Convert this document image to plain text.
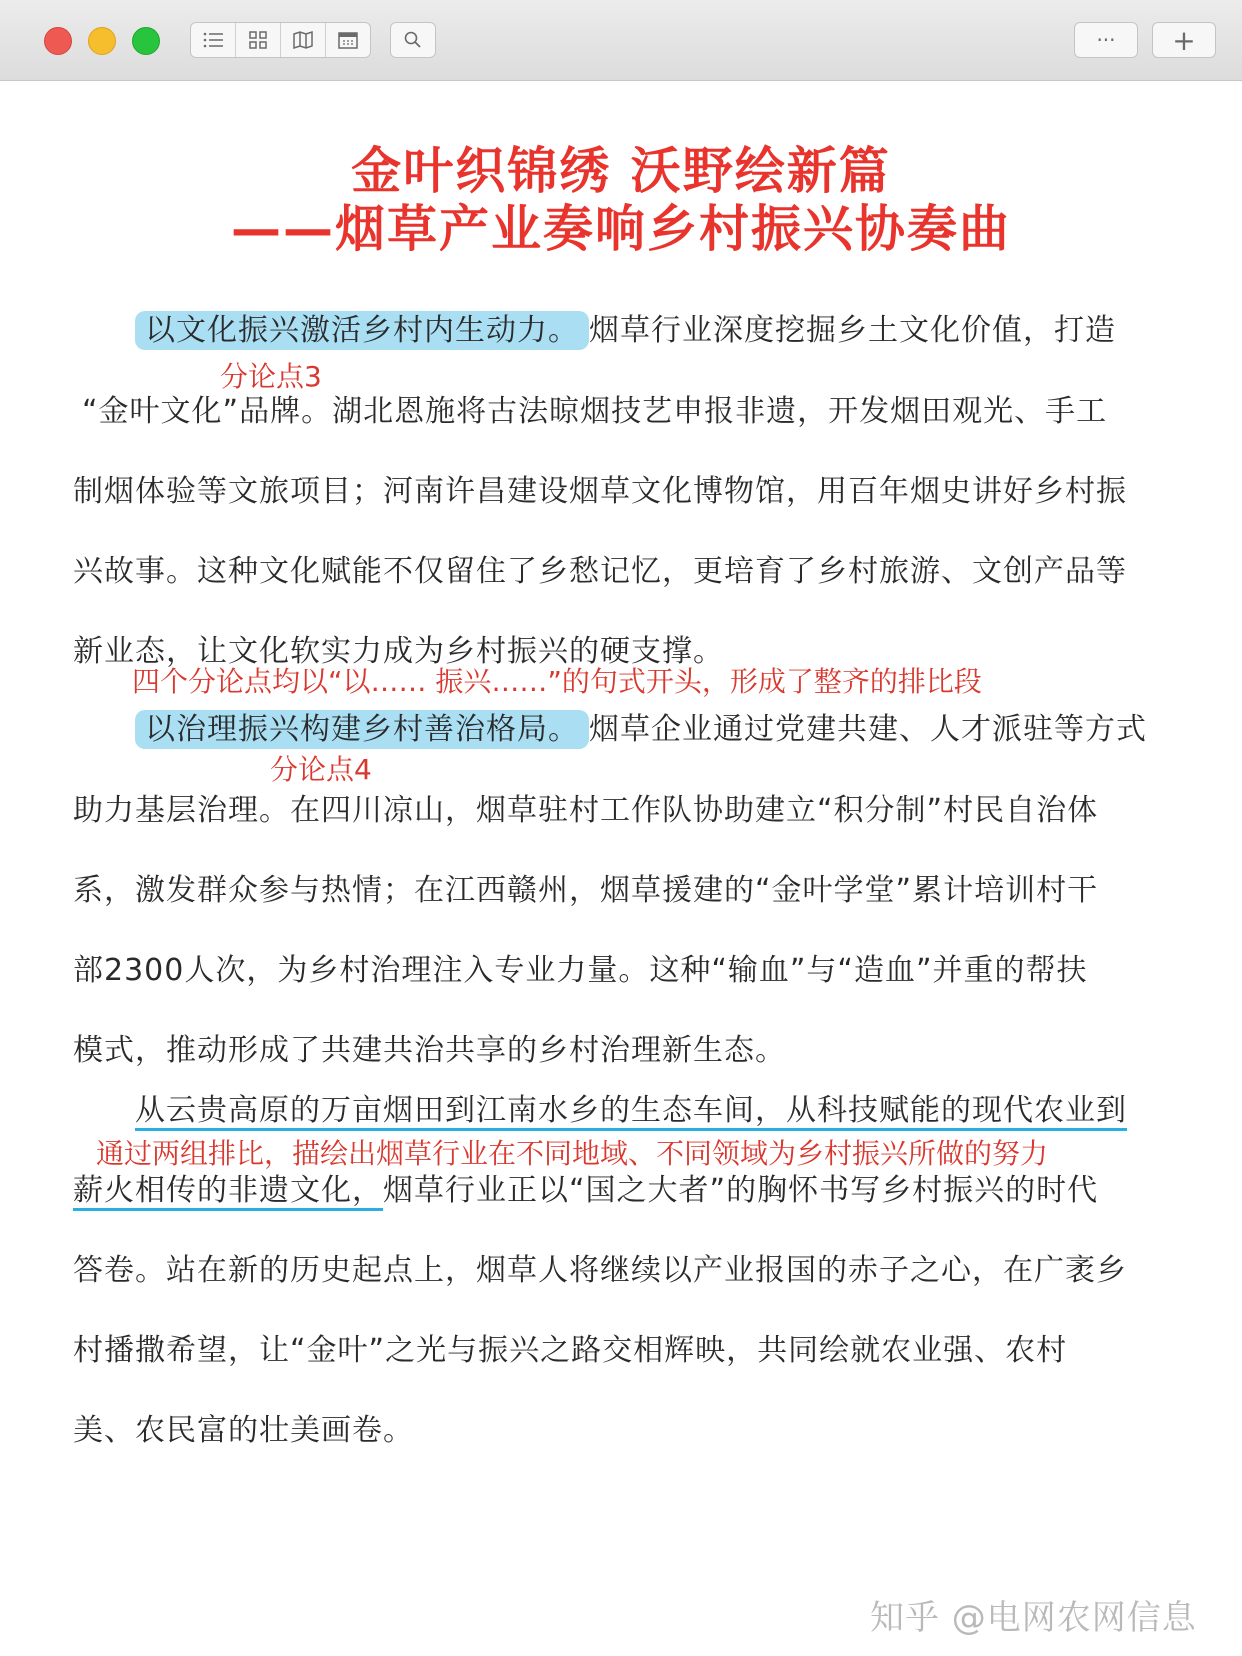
··· +
金叶织锦绣 沃野绘新篇
——烟草产业奏响乡村振兴协奏曲
以文化振兴激活乡村内生动力。 烟草行业深度挖掘乡土文化价值，打造
分论点3
“金叶文化”品牌。湖北恩施将古法晾烟技艺申报非遗，开发烟田观光、手工
制烟体验等文旅项目；河南许昌建设烟草文化博物馆，用百年烟史讲好乡村振
兴故事。这种文化赋能不仅留住了乡愁记忆，更培育了乡村旅游、文创产品等
新业态，让文化软实力成为乡村振兴的硬支撑。
四个分论点均以“以…… 振兴……”的句式开头，形成了整齐的排比段
以治理振兴构建乡村善治格局。 烟草企业通过党建共建、人才派驻等方式
分论点4
助力基层治理。在四川凉山，烟草驻村工作队协助建立“积分制”村民自治体
系，激发群众参与热情；在江西赣州，烟草援建的“金叶学堂”累计培训村干
部2300人次，为乡村治理注入专业力量。这种“输血”与“造血”并重的帮扶
模式，推动形成了共建共治共享的乡村治理新生态。
从云贵高原的万亩烟田到江南水乡的生态车间，从科技赋能的现代农业到
通过两组排比，描绘出烟草行业在不同地域、不同领域为乡村振兴所做的努力
薪火相传的非遗文化，烟草行业正以“国之大者”的胸怀书写乡村振兴的时代
答卷。站在新的历史起点上，烟草人将继续以产业报国的赤子之心，在广袤乡
村播撒希望，让“金叶”之光与振兴之路交相辉映，共同绘就农业强、农村
美、农民富的壮美画卷。
知乎 @电网农网信息
